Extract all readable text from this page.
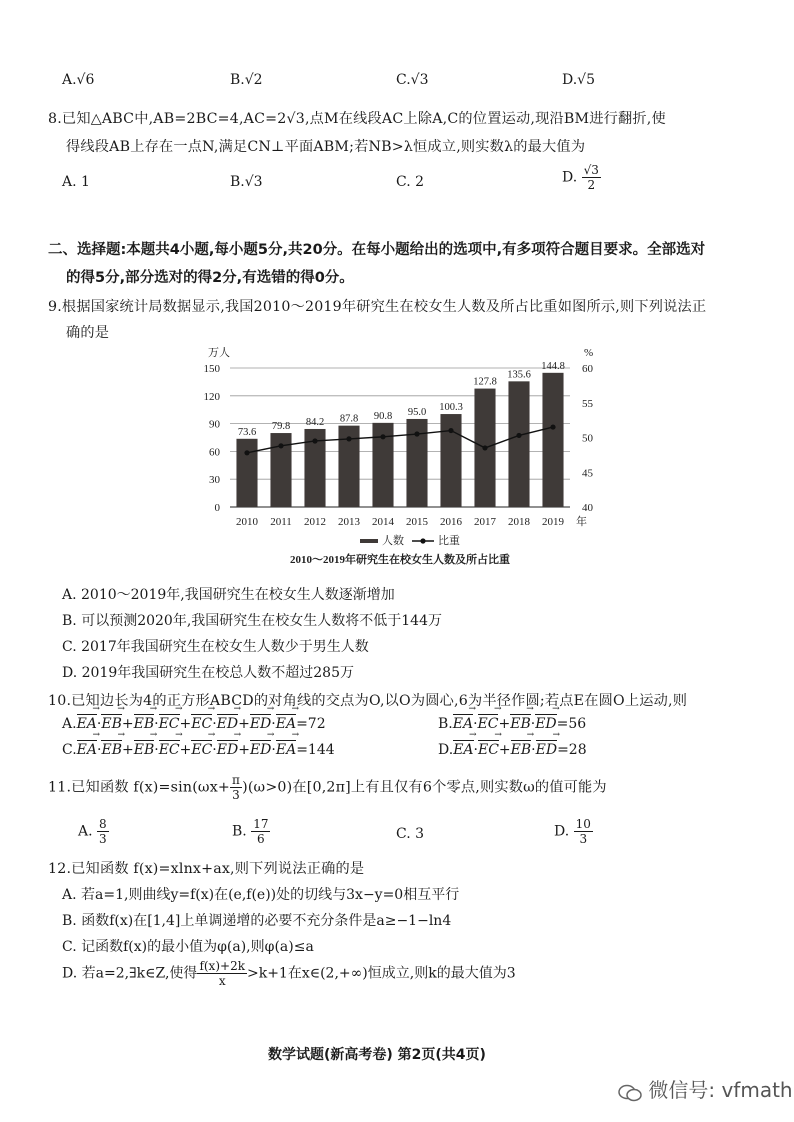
A.√6	B.√2	C.√3	D.√5
8.已知△ABC中,AB=2BC=4,AC=2√3,点M在线段AC上除A,C的位置运动,现沿BM进行翻折,使
得线段AB上存在一点N,满足CN⊥平面ABM;若NB>λ恒成立,则实数λ的最大值为
A. 1	B.√3	C. 2	D. $\frac{√3}{2}$
二、选择题:本题共4小题,每小题5分,共20分。在每小题给出的选项中,有多项符合题目要求。全部选对
的得5分,部分选对的得2分,有选错的得0分。
9.根据国家统计局数据显示,我国2010～2019年研究生在校女生人数及所占比重如图所示,则下列说法正
确的是
0
30
60
90
120
150
40
45
50
55
60
万人	%
73.6
2010
79.8
2011
84.2
2012
87.8
2013
90.8
2014
95.0
2015
100.3
2016
127.8
2017
135.6
2018
144.8
2019 年
人数	比重
2010～2019年研究生在校女生人数及所占比重
A. 2010～2019年,我国研究生在校女生人数逐渐增加
B. 可以预测2020年,我国研究生在校女生人数将不低于144万
C. 2017年我国研究生在校女生人数少于男生人数
D. 2019年我国研究生在校总人数不超过285万
10.已知边长为4的正方形ABCD的对角线的交点为O,以O为圆心,6为半径作圆;若点E在圆O上运动,则
A.EA →·EB →+EB →·EC →+EC →·ED →+ED →·EA →=72	B.EA →·EC →+EB →·ED →=56
C.EA →·EB →+EB →·EC →+EC →·ED →+ED →·EA →=144	D.EA →·EC →+EB →·ED →=28
11.已知函数 $f(x)=\sin(\omega x+ \frac{\pi}{3} )(\omega>0)$在[0,2π]上有且仅有6个零点,则实数ω的值可能为
A. $\frac{8}{3}$	B. $\frac{17}{6}$	C. 3	D. $\frac{10}{3}$
12.已知函数 f(x)=xlnx+ax,则下列说法正确的是
A. 若a=1,则曲线y=f(x)在(e,f(e))处的切线与3x−y=0相互平行
B. 函数f(x)在[1,4]上单调递增的必要不充分条件是a≥−1−ln4
C. 记函数f(x)的最小值为φ(a),则φ(a)≤a
D. 若a=2,∃k∈Z,使得 $\frac{f(x)+2k}{x} >k+1$在x∈(2,+∞)恒成立,则k的最大值为3
数学试题(新高考卷) 第2页(共4页)
微信号: vfmath
